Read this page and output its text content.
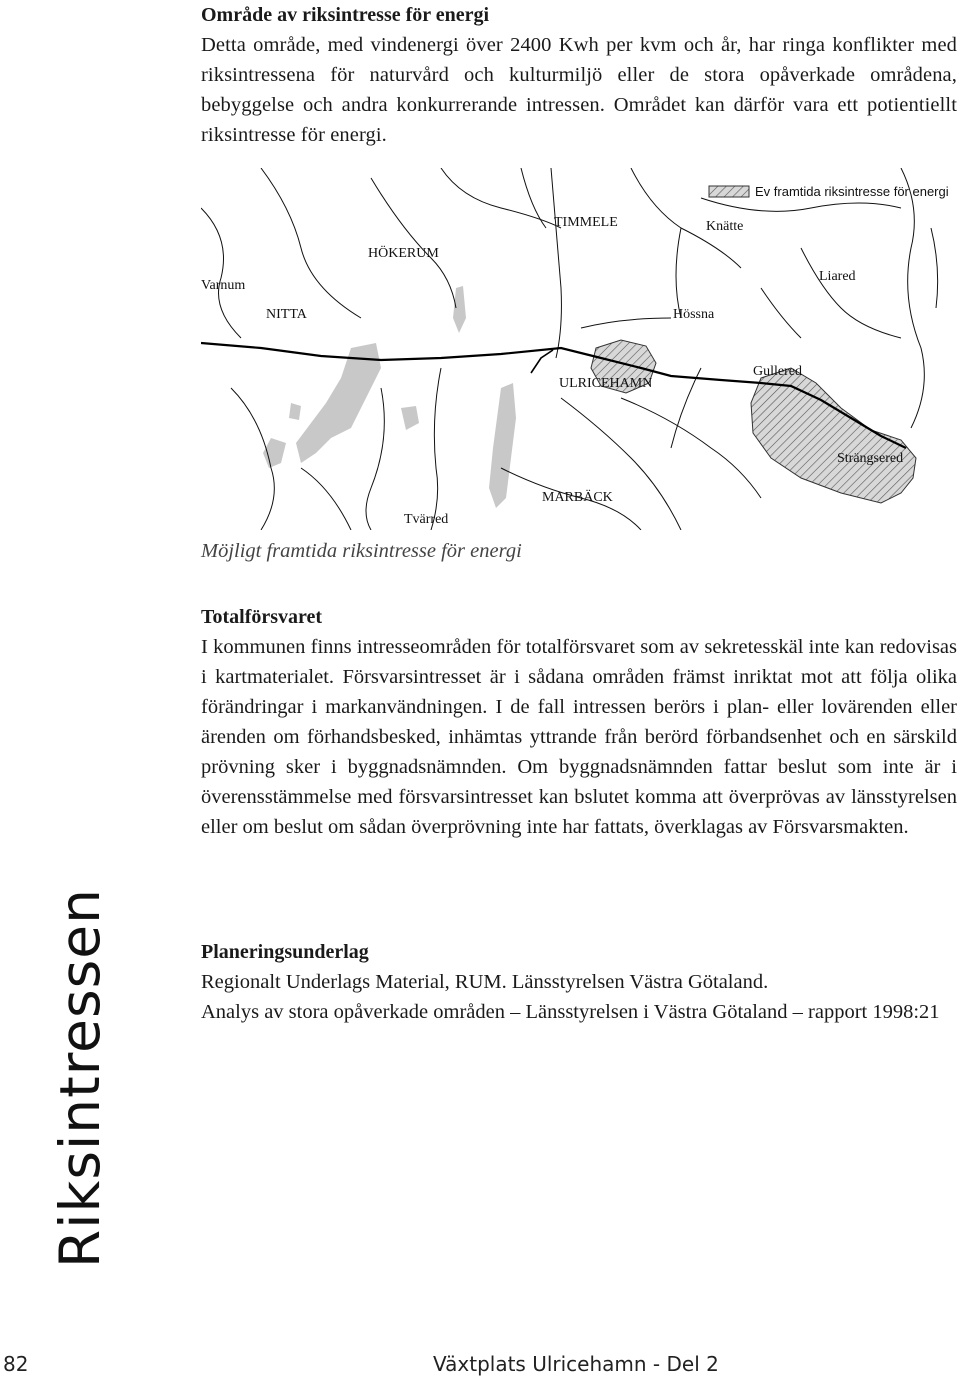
Område av riksintresse för energi
Detta område, med vindenergi över 2400 Kwh per kvm och år, har ringa konflikter med riksintressena för naturvård och kulturmiljö eller de stora opåverkade områdena, bebyggelse och andra konkurrerande intressen. Området kan därför vara ett potientiellt riksintresse för energi.
Ev framtida riksintresse för energi
TIMMELE	Knätte
HÖKERUM
Varnum
Liared
NITTA	Hössna
ULRICEHAMN
Gullered
Strängsered
MARBÄCK
Tvärred
Möjligt framtida riksintresse för energi
Totalförsvaret
I kommunen finns intresseområden för totalförsvaret som av sekretesskäl inte kan redovisas i kartmaterialet. Försvarsintresset är i sådana områden främst inriktat mot att följa olika förändringar i markanvändningen. I de fall intressen berörs i plan- eller lovärenden eller ärenden om förhandsbesked, inhämtas yttrande från berörd förbandsenhet och en särskild prövning sker i byggnadsnämnden. Om byggnadsnämnden fattar beslut som inte är i överensstämmelse med försvarsintresset kan bslutet komma att överprövas av länsstyrelsen eller om beslut om sådan överprövning inte har fattats, överklagas av Försvarsmakten.
Planeringsunderlag
Regionalt Underlags Material, RUM. Länsstyrelsen Västra Götaland.
Analys av stora opåverkade områden – Länsstyrelsen i Västra Götaland – rapport 1998:21
Riksintressen
82	Växtplats Ulricehamn - Del 2
